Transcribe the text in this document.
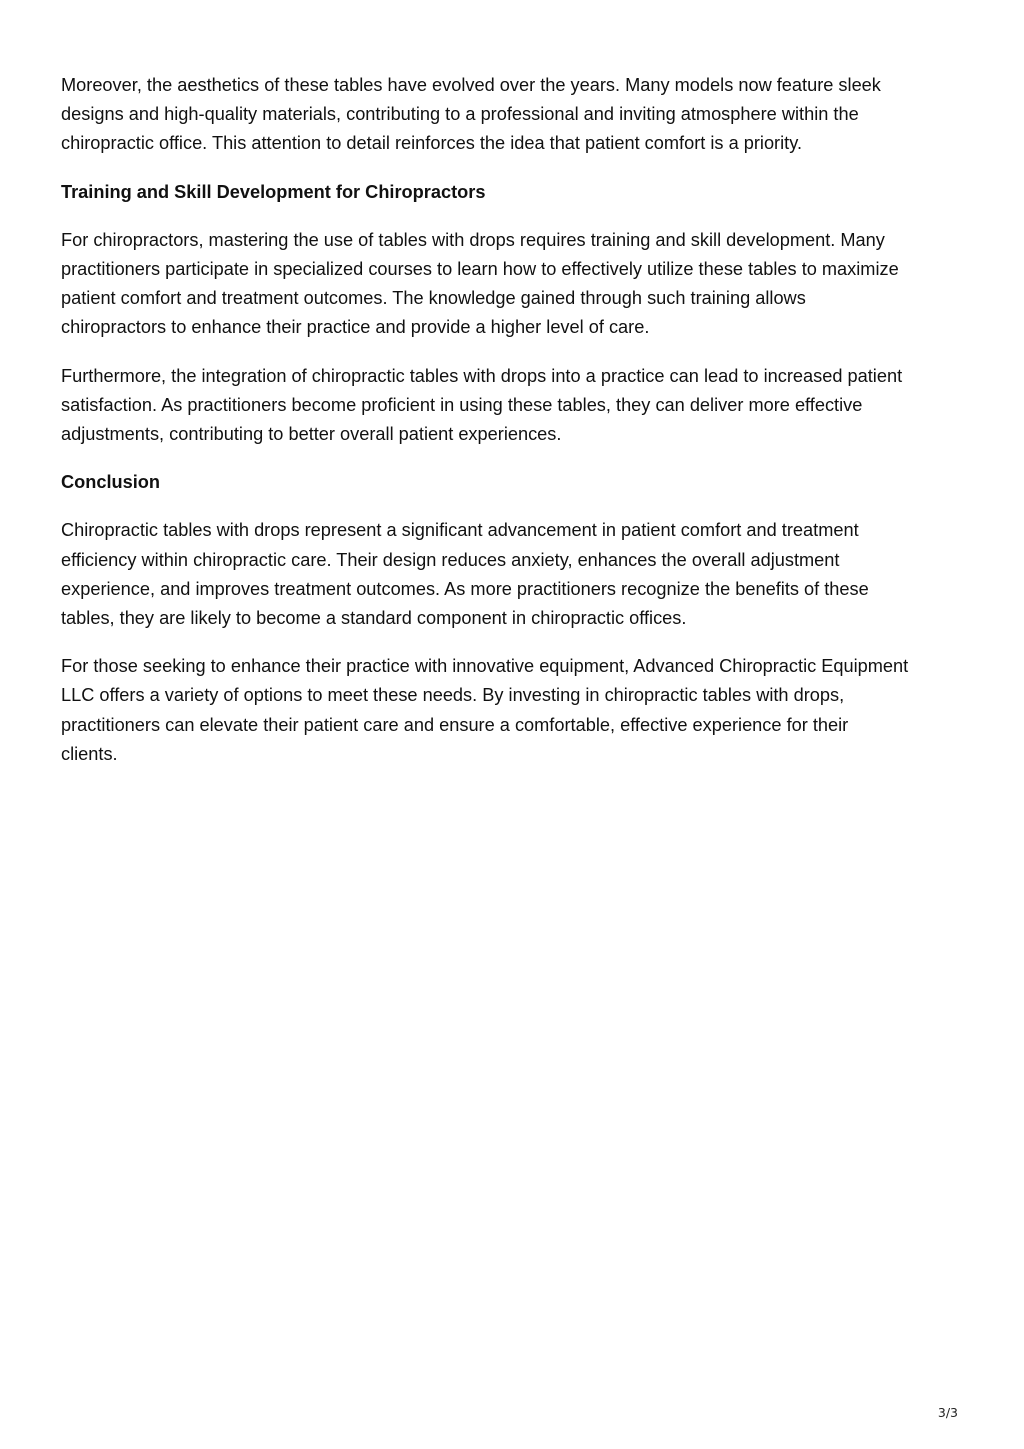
Moreover, the aesthetics of these tables have evolved over the years. Many models now feature sleek
designs and high-quality materials, contributing to a professional and inviting atmosphere within the
chiropractic office. This attention to detail reinforces the idea that patient comfort is a priority.

Training and Skill Development for Chiropractors

For chiropractors, mastering the use of tables with drops requires training and skill development. Many
practitioners participate in specialized courses to learn how to effectively utilize these tables to maximize
patient comfort and treatment outcomes. The knowledge gained through such training allows
chiropractors to enhance their practice and provide a higher level of care.

Furthermore, the integration of chiropractic tables with drops into a practice can lead to increased patient
satisfaction. As practitioners become proficient in using these tables, they can deliver more effective
adjustments, contributing to better overall patient experiences.

Conclusion

Chiropractic tables with drops represent a significant advancement in patient comfort and treatment
efficiency within chiropractic care. Their design reduces anxiety, enhances the overall adjustment
experience, and improves treatment outcomes. As more practitioners recognize the benefits of these
tables, they are likely to become a standard component in chiropractic offices.

For those seeking to enhance their practice with innovative equipment, Advanced Chiropractic Equipment
LLC offers a variety of options to meet these needs. By investing in chiropractic tables with drops,
practitioners can elevate their patient care and ensure a comfortable, effective experience for their
clients.

3/3
